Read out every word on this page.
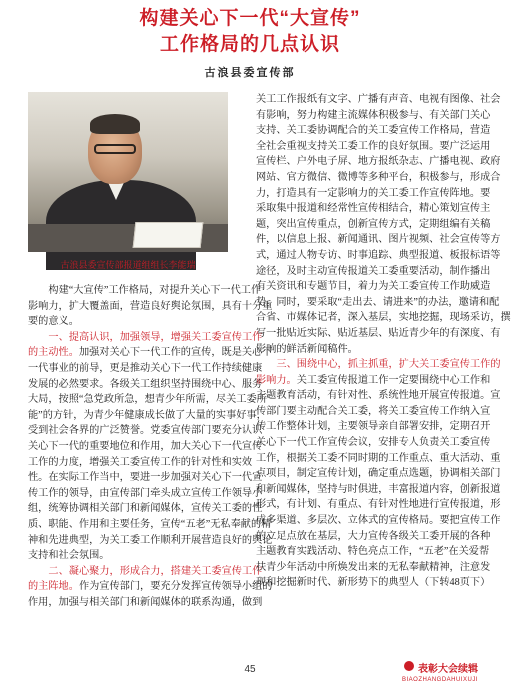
构建关心下一代“大宣传”
工作格局的几点认识
古浪县委宣传部
古浪县委宣传部报道组组长李能瑞
构建“大宣传”工作格局，对提升关心下一代工作
影响力，扩大覆盖面，营造良好舆论氛围，具有十分重
要的意义。
一、提高认识，加强领导，增强关工委宣传工作
的主动性。加强对关心下一代工作的宣传，既是关心下
一代事业的前导，更是推动关心下一代工作持续健康
发展的必然要求。各级关工组织坚持围绕中心、服务
大局，按照“急党政所急，想青少年所需，尽关工委所
能”的方针，为青少年健康成长做了大量的实事好事，
受到社会各界的广泛赞誉。党委宣传部门要充分认识
关心下一代的重要地位和作用，加大关心下一代宣传
工作的力度，增强关工委宣传工作的针对性和实效
性。在实际工作当中，要进一步加强对关心下一代宣
传工作的领导，由宣传部门牵头成立宣传工作领导小
组，统筹协调相关部门和新闻媒体，宣传关工委的性
质、职能、作用和主要任务，宣传“五老”无私奉献的精
神和先进典型，为关工委工作顺利开展营造良好的舆论
支持和社会氛围。
二、凝心聚力，形成合力，搭建关工委宣传工作
的主阵地。作为宣传部门，要充分发挥宣传领导小组的
作用，加强与相关部门和新闻媒体的联系沟通，做到
关工工作报纸有文字、广播有声音、电视有图像、社会
有影响，努力构建主流媒体积极参与、有关部门关心
支持、关工委协调配合的关工委宣传工作格局，营造
全社会重视支持关工委工作的良好氛围。要广泛运用
宣传栏、户外电子屏、地方报纸杂志、广播电视、政府
网站、官方微信、微博等多种平台，积极参与，形成合
力，打造具有一定影响力的关工委工作宣传阵地。要
采取集中报道和经常性宣传相结合，精心策划宣传主
题，突出宣传重点，创新宣传方式，定期组编有关稿
件，以信息上报、新闻通讯、图片视频、社会宣传等方
式，通过人物专访、时事追踪、典型报道、板报标语等
途径，及时主动宣传报道关工委重要活动，制作播出
有关资讯和专题节目，着力为关工委宣传工作助威造
势。同时，要采取“走出去、请进来”的办法，邀请和配
合省、市媒体记者，深入基层，实地挖掘，现场采访，撰
写一批贴近实际、贴近基层、贴近青少年的有深度、有
影响的鲜活新闻稿件。
三、围绕中心，抓主抓重，扩大关工委宣传工作的
影响力。关工委宣传报道工作一定要围绕中心工作和
主题教育活动，有针对性、系统性地开展宣传报道。宣
传部门要主动配合关工委，将关工委宣传工作纳入宣
传工作整体计划，主要领导亲自部署安排，定期召开
关心下一代工作宣传会议，安排专人负责关工委宣传
工作，根据关工委不同时期的工作重点、重大活动、重
点项目，制定宣传计划，确定重点选题，协调相关部门
和新闻媒体，坚持与时俱进，丰富报道内容，创新报道
形式，有计划、有重点、有针对性地进行宣传报道，形
成多渠道、多层次、立体式的宣传格局。要把宣传工作
的立足点放在基层，大力宣传各级关工委开展的各种
主题教育实践活动、特色亮点工作，“五老”在关爱帮
扶青少年活动中所焕发出来的无私奉献精神，注意发
现和挖掘新时代、新形势下的典型人（下转48页下）
45	表彰大会续辑
BIAOZHANGDAHUIXUJI
